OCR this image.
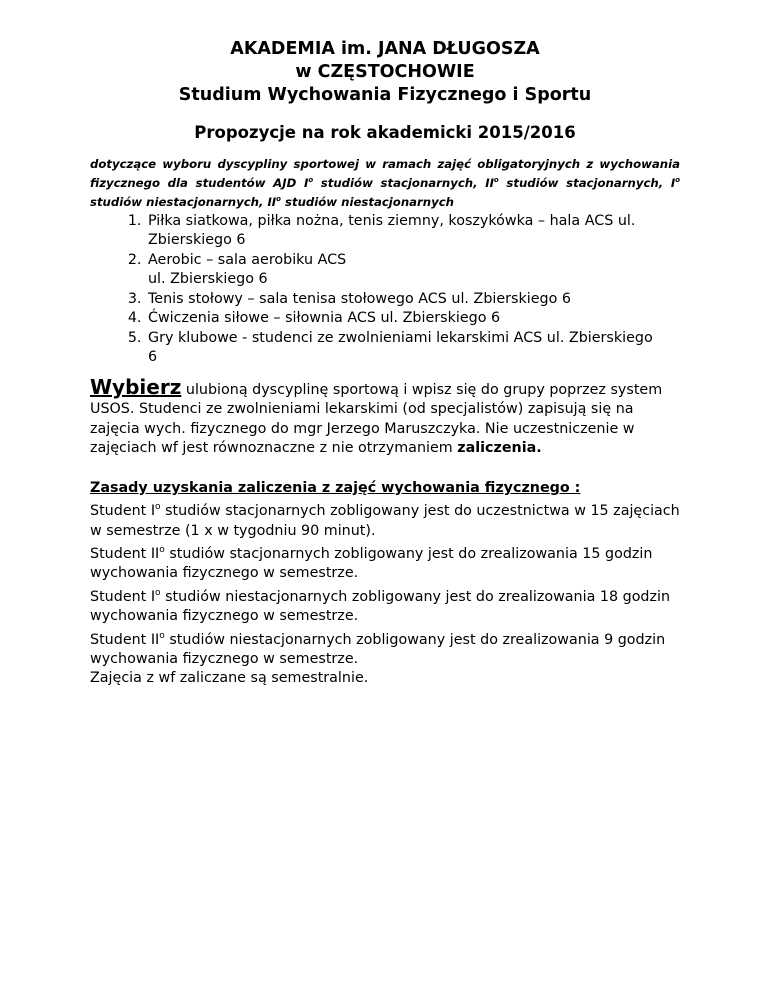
AKADEMIA im. JANA DŁUGOSZA
w CZĘSTOCHOWIE
Studium Wychowania Fizycznego i Sportu
Propozycje na rok akademicki 2015/2016
dotyczące wyboru dyscypliny sportowej w ramach zajęć obligatoryjnych z wychowania fizycznego dla studentów AJD $I^o$ studiów stacjonarnych, $II^o$ studiów stacjonarnych, $I^o$ studiów niestacjonarnych, $II^o$ studiów niestacjonarnych
1. Piłka siatkowa, piłka nożna, tenis ziemny, koszykówka – hala ACS ul. Zbierskiego 6
2. Aerobic – sala aerobiku ACS
ul. Zbierskiego 6
3. Tenis stołowy – sala tenisa stołowego ACS ul. Zbierskiego 6
4. Ćwiczenia siłowe – siłownia ACS ul. Zbierskiego 6
5. Gry klubowe - studenci ze zwolnieniami lekarskimi ACS ul. Zbierskiego 6
Wybierz ulubioną dyscyplinę sportową i wpisz się do grupy poprzez system USOS. Studenci ze zwolnieniami lekarskimi (od specjalistów) zapisują się na zajęcia wych. fizycznego do mgr Jerzego Maruszczyka. Nie uczestniczenie w zajęciach wf jest równoznaczne z nie otrzymaniem zaliczenia.
Zasady uzyskania zaliczenia z zajęć wychowania fizycznego :

Student $I^o$ studiów stacjonarnych zobligowany jest do uczestnictwa w 15 zajęciach w semestrze (1 x w tygodniu 90 minut).

Student $II^o$ studiów stacjonarnych zobligowany jest do zrealizowania 15 godzin wychowania fizycznego w semestrze.

Student $I^o$ studiów niestacjonarnych zobligowany jest do zrealizowania 18 godzin wychowania fizycznego w semestrze.

Student $II^o$ studiów niestacjonarnych zobligowany jest do zrealizowania 9 godzin wychowania fizycznego w semestrze.

Zajęcia z wf zaliczane są semestralnie.
